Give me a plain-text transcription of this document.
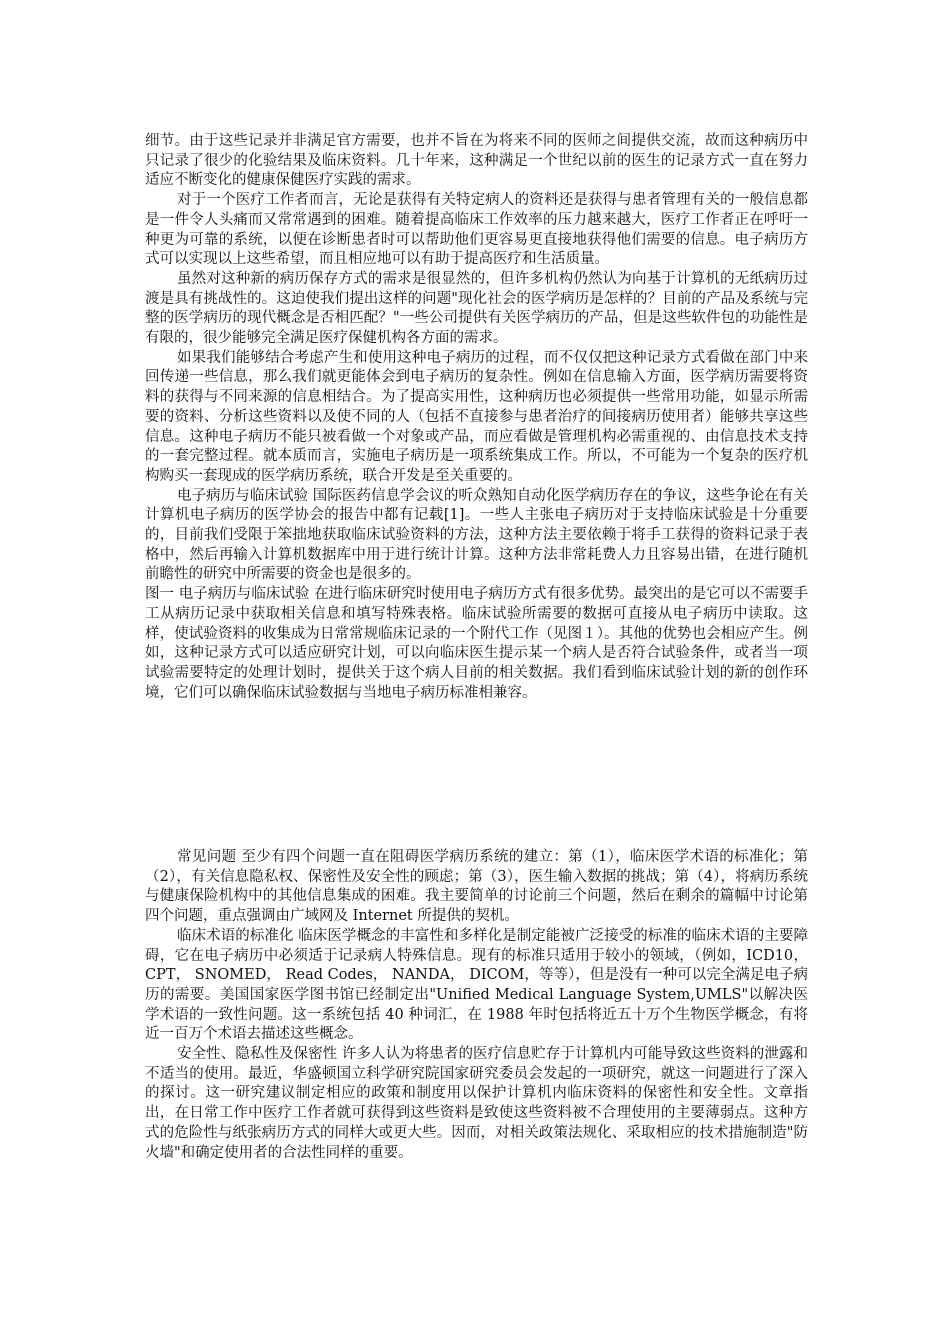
细节。由于这些记录并非满足官方需要，也并不旨在为将来不同的医师之间提供交流，故而这种病历中只记录了很少的化验结果及临床资料。几十年来，这种满足一个世纪以前的医生的记录方式一直在努力适应不断变化的健康保健医疗实践的需求。

对于一个医疗工作者而言，无论是获得有关特定病人的资料还是获得与患者管理有关的一般信息都是一件令人头痛而又常常遇到的困难。随着提高临床工作效率的压力越来越大，医疗工作者正在呼吁一种更为可靠的系统，以便在诊断患者时可以帮助他们更容易更直接地获得他们需要的信息。电子病历方式可以实现以上这些希望，而且相应地可以有助于提高医疗和生活质量。

虽然对这种新的病历保存方式的需求是很显然的，但许多机构仍然认为向基于计算机的无纸病历过渡是具有挑战性的。这迫使我们提出这样的问题"现化社会的医学病历是怎样的？目前的产品及系统与完整的医学病历的现代概念是否相匹配？"一些公司提供有关医学病历的产品，但是这些软件包的功能性是有限的，很少能够完全满足医疗保健机构各方面的需求。

如果我们能够结合考虑产生和使用这种电子病历的过程，而不仅仅把这种记录方式看做在部门中来回传递一些信息，那么我们就更能体会到电子病历的复杂性。例如在信息输入方面，医学病历需要将资料的获得与不同来源的信息相结合。为了提高实用性，这种病历也必须提供一些常用功能，如显示所需要的资料、分析这些资料以及使不同的人（包括不直接参与患者治疗的间接病历使用者）能够共享这些信息。这种电子病历不能只被看做一个对象或产品，而应看做是管理机构必需重视的、由信息技术支持的一套完整过程。就本质而言，实施电子病历是一项系统集成工作。所以，不可能为一个复杂的医疗机构购买一套现成的医学病历系统，联合开发是至关重要的。

电子病历与临床试验 国际医药信息学会议的听众熟知自动化医学病历存在的争议，这些争论在有关计算机电子病历的医学协会的报告中都有记载[1]。一些人主张电子病历对于支持临床试验是十分重要的，目前我们受限于笨拙地获取临床试验资料的方法，这种方法主要依赖于将手工获得的资料记录于表格中，然后再输入计算机数据库中用于进行统计计算。这种方法非常耗费人力且容易出错，在进行随机前瞻性的研究中所需要的资金也是很多的。

图一 电子病历与临床试验 在进行临床研究时使用电子病历方式有很多优势。最突出的是它可以不需要手工从病历记录中获取相关信息和填写特殊表格。临床试验所需要的数据可直接从电子病历中读取。这样，使试验资料的收集成为日常常规临床记录的一个附代工作（见图１）。其他的优势也会相应产生。例如，这种记录方式可以适应研究计划，可以向临床医生提示某一个病人是否符合试验条件，或者当一项试验需要特定的处理计划时，提供关于这个病人目前的相关数据。我们看到临床试验计划的新的创作环境，它们可以确保临床试验数据与当地电子病历标准相兼容。

常见问题 至少有四个问题一直在阻碍医学病历系统的建立：第（1），临床医学术语的标准化；第（2），有关信息隐私权、保密性及安全性的顾虑；第（3），医生输入数据的挑战；第（4），将病历系统与健康保险机构中的其他信息集成的困难。我主要简单的讨论前三个问题，然后在剩余的篇幅中讨论第四个问题，重点强调由广域网及 Internet 所提供的契机。

临床术语的标准化 临床医学概念的丰富性和多样化是制定能被广泛接受的标准的临床术语的主要障碍，它在电子病历中必须适于记录病人特殊信息。现有的标准只适用于较小的领域，（例如，ICD10， CPT， SNOMED， Read Codes， NANDA， DICOM，等等），但是没有一种可以完全满足电子病历的需要。美国国家医学图书馆已经制定出"Unified Medical Language System,UMLS"以解决医学术语的一致性问题。这一系统包括 40 种词汇，在 1988 年时包括将近五十万个生物医学概念，有将近一百万个术语去描述这些概念。

安全性、隐私性及保密性 许多人认为将患者的医疗信息贮存于计算机内可能导致这些资料的泄露和不适当的使用。最近，华盛顿国立科学研究院国家研究委员会发起的一项研究，就这一问题进行了深入的探讨。这一研究建议制定相应的政策和制度用以保护计算机内临床资料的保密性和安全性。文章指出，在日常工作中医疗工作者就可获得到这些资料是致使这些资料被不合理使用的主要薄弱点。这种方式的危险性与纸张病历方式的同样大或更大些。因而，对相关政策法规化、采取相应的技术措施制造"防火墙"和确定使用者的合法性同样的重要。
